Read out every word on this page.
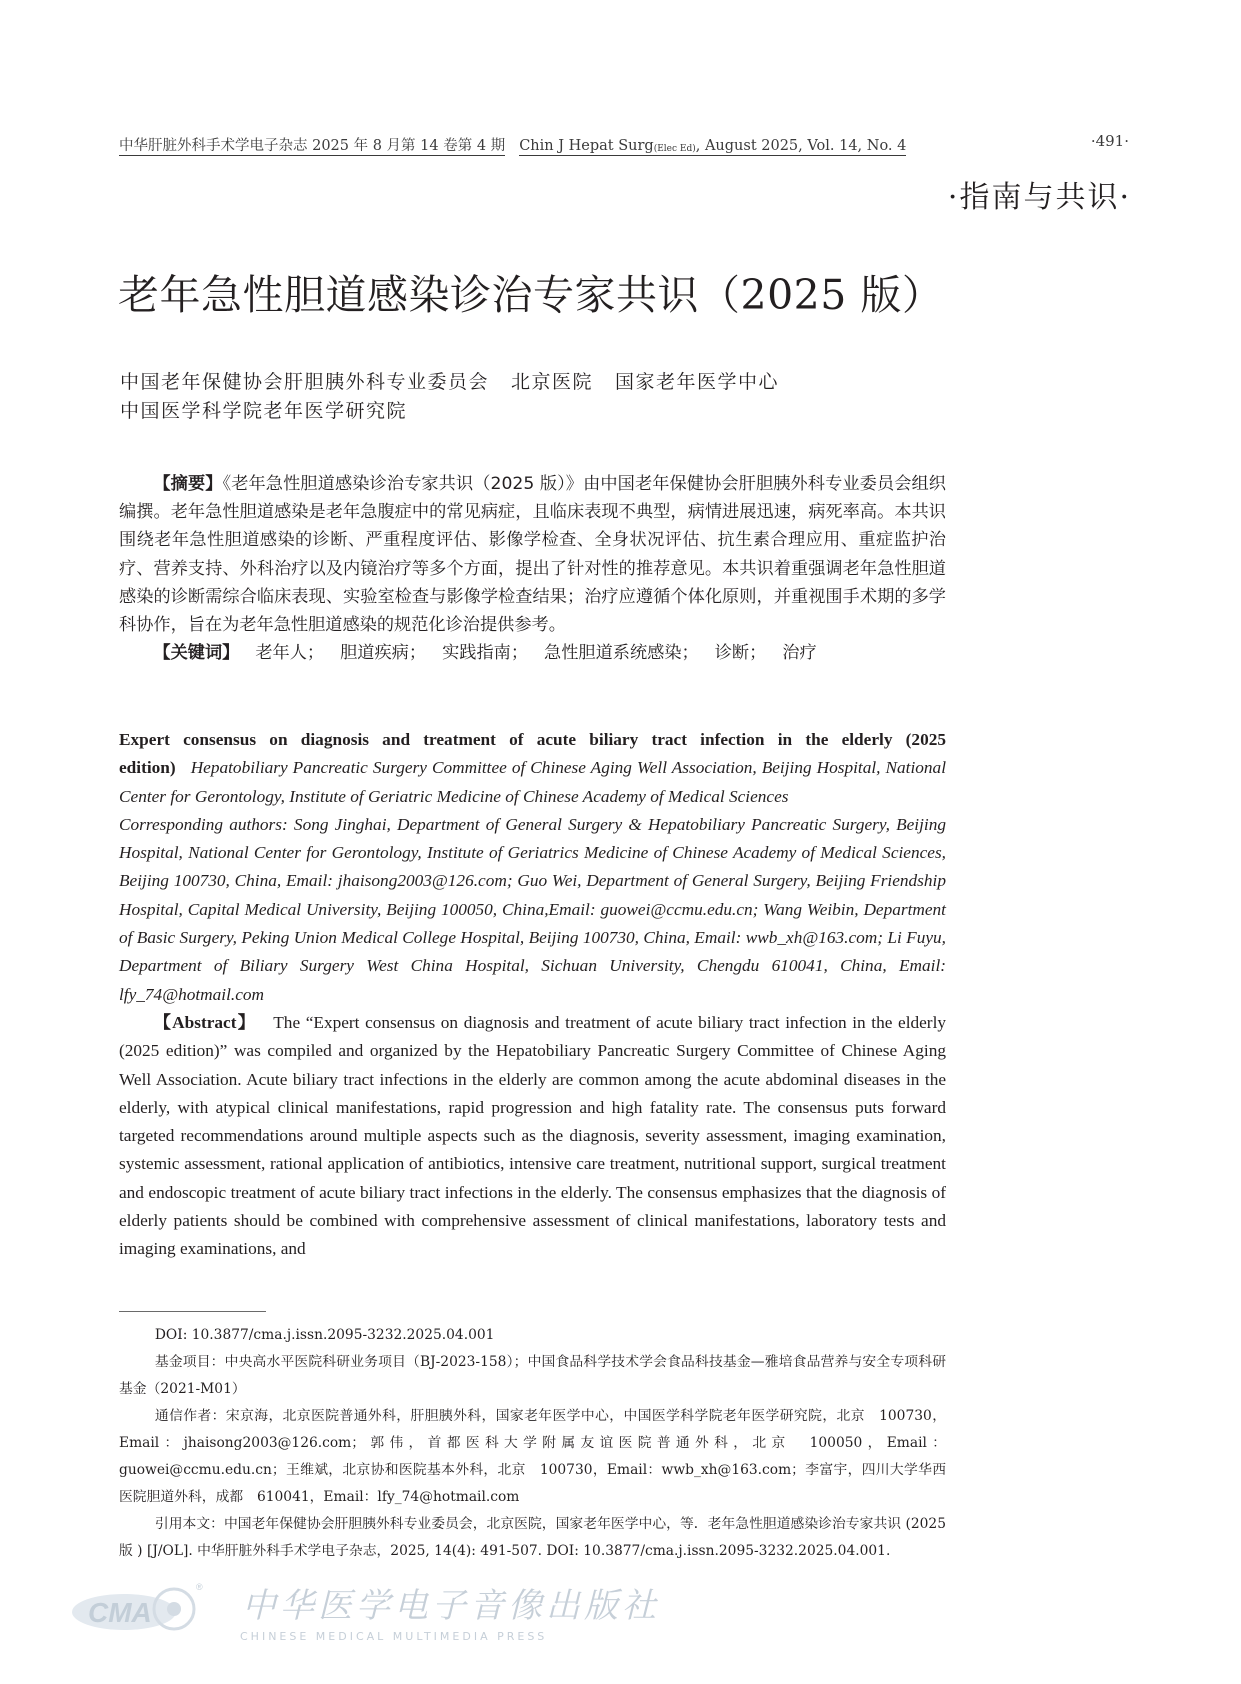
中华肝脏外科手术学电子杂志 2025 年 8 月第 14 卷第 4 期 Chin J Hepat Surg$_{(Elec Ed)}$, August 2025, Vol. 14, No. 4	·491·
·指南与共识·
老年急性胆道感染诊治专家共识（2025 版）
中国老年保健协会肝胆胰外科专业委员会 北京医院 国家老年医学中心
中国医学科学院老年医学研究院

【摘要】《老年急性胆道感染诊治专家共识（2025 版）》由中国老年保健协会肝胆胰外科专业委员会组织编撰。老年急性胆道感染是老年急腹症中的常见病症，且临床表现不典型，病情进展迅速，病死率高。本共识围绕老年急性胆道感染的诊断、严重程度评估、影像学检查、全身状况评估、抗生素合理应用、重症监护治疗、营养支持、外科治疗以及内镜治疗等多个方面，提出了针对性的推荐意见。本共识着重强调老年急性胆道感染的诊断需综合临床表现、实验室检查与影像学检查结果；治疗应遵循个体化原则，并重视围手术期的多学科协作，旨在为老年急性胆道感染的规范化诊治提供参考。

【关键词】 老年人； 胆道疾病； 实践指南； 急性胆道系统感染； 诊断； 治疗

Expert consensus on diagnosis and treatment of acute biliary tract infection in the elderly (2025 edition) Hepatobiliary Pancreatic Surgery Committee of Chinese Aging Well Association, Beijing Hospital, National Center for Gerontology, Institute of Geriatric Medicine of Chinese Academy of Medical Sciences

Corresponding authors: Song Jinghai, Department of General Surgery & Hepatobiliary Pancreatic Surgery, Beijing Hospital, National Center for Gerontology, Institute of Geriatrics Medicine of Chinese Academy of Medical Sciences, Beijing 100730, China, Email: jhaisong2003@126.com; Guo Wei, Department of General Surgery, Beijing Friendship Hospital, Capital Medical University, Beijing 100050, China,Email: guowei@ccmu.edu.cn; Wang Weibin, Department of Basic Surgery, Peking Union Medical College Hospital, Beijing 100730, China, Email: wwb_xh@163.com; Li Fuyu, Department of Biliary Surgery West China Hospital, Sichuan University, Chengdu 610041, China, Email: lfy_74@hotmail.com

【Abstract】 The “Expert consensus on diagnosis and treatment of acute biliary tract infection in the elderly (2025 edition)” was compiled and organized by the Hepatobiliary Pancreatic Surgery Committee of Chinese Aging Well Association. Acute biliary tract infections in the elderly are common among the acute abdominal diseases in the elderly, with atypical clinical manifestations, rapid progression and high fatality rate. The consensus puts forward targeted recommendations around multiple aspects such as the diagnosis, severity assessment, imaging examination, systemic assessment, rational application of antibiotics, intensive care treatment, nutritional support, surgical treatment and endoscopic treatment of acute biliary tract infections in the elderly. The consensus emphasizes that the diagnosis of elderly patients should be combined with comprehensive assessment of clinical manifestations, laboratory tests and imaging examinations, and

DOI: 10.3877/cma.j.issn.2095-3232.2025.04.001

基金项目：中央高水平医院科研业务项目（BJ-2023-158）；中国食品科学技术学会食品科技基金—雅培食品营养与安全专项科研基金（2021-M01）

通信作者：宋京海，北京医院普通外科，肝胆胰外科，国家老年医学中心，中国医学科学院老年医学研究院，北京　100730，Email：jhaisong2003@126.com；郭伟，首都医科大学附属友谊医院普通外科，北京　100050，Email：guowei@ccmu.edu.cn；王维斌，北京协和医院基本外科，北京　100730，Email：wwb_xh@163.com；李富宇，四川大学华西医院胆道外科，成都　610041，Email：lfy_74@hotmail.com

引用本文：中国老年保健协会肝胆胰外科专业委员会，北京医院，国家老年医学中心，等．老年急性胆道感染诊治专家共识 (2025 版 ) [J/OL]. 中华肝脏外科手术学电子杂志，2025, 14(4): 491-507. DOI: 10.3877/cma.j.issn.2095-3232.2025.04.001.

CMA
® 中华医学电子音像出版社
CHINESE MEDICAL MULTIMEDIA PRESS
